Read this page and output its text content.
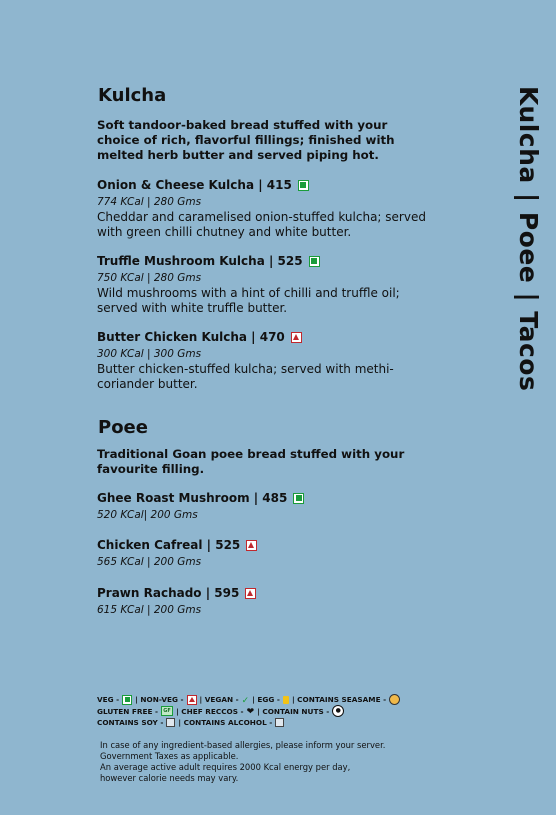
Kulcha | Poee | Tacos
Kulcha

Soft tandoor-baked bread stuffed with your choice of rich, flavorful fillings; finished with melted herb butter and served piping hot.

Onion & Cheese Kulcha | 415
774 KCal | 280 Gms
Cheddar and caramelised onion-stuffed kulcha; served with green chilli chutney and white butter.
Truffle Mushroom Kulcha | 525
750 KCal | 280 Gms
Wild mushrooms with a hint of chilli and truffle oil; served with white truffle butter.
Butter Chicken Kulcha | 470
300 KCal | 300 Gms
Butter chicken-stuffed kulcha; served with methi-coriander butter.
Poee

Traditional Goan poee bread stuffed with your favourite filling.

Ghee Roast Mushroom | 485
520 KCal| 200 Gms
Chicken Cafreal | 525
565 KCal | 200 Gms
Prawn Rachado | 595
615 KCal | 200 Gms
VEG - | NON-VEG - | VEGAN - ✓ | EGG - | CONTAINS SEASAME -
GLUTEN FREE -	GF | CHEF RECCOS - ❤ | CONTAIN NUTS -	●
CONTAINS SOY - | CONTAINS ALCOHOL -
In case of any ingredient-based allergies, please inform your server.
Government Taxes as applicable.
An average active adult requires 2000 Kcal energy per day,
however calorie needs may vary.
